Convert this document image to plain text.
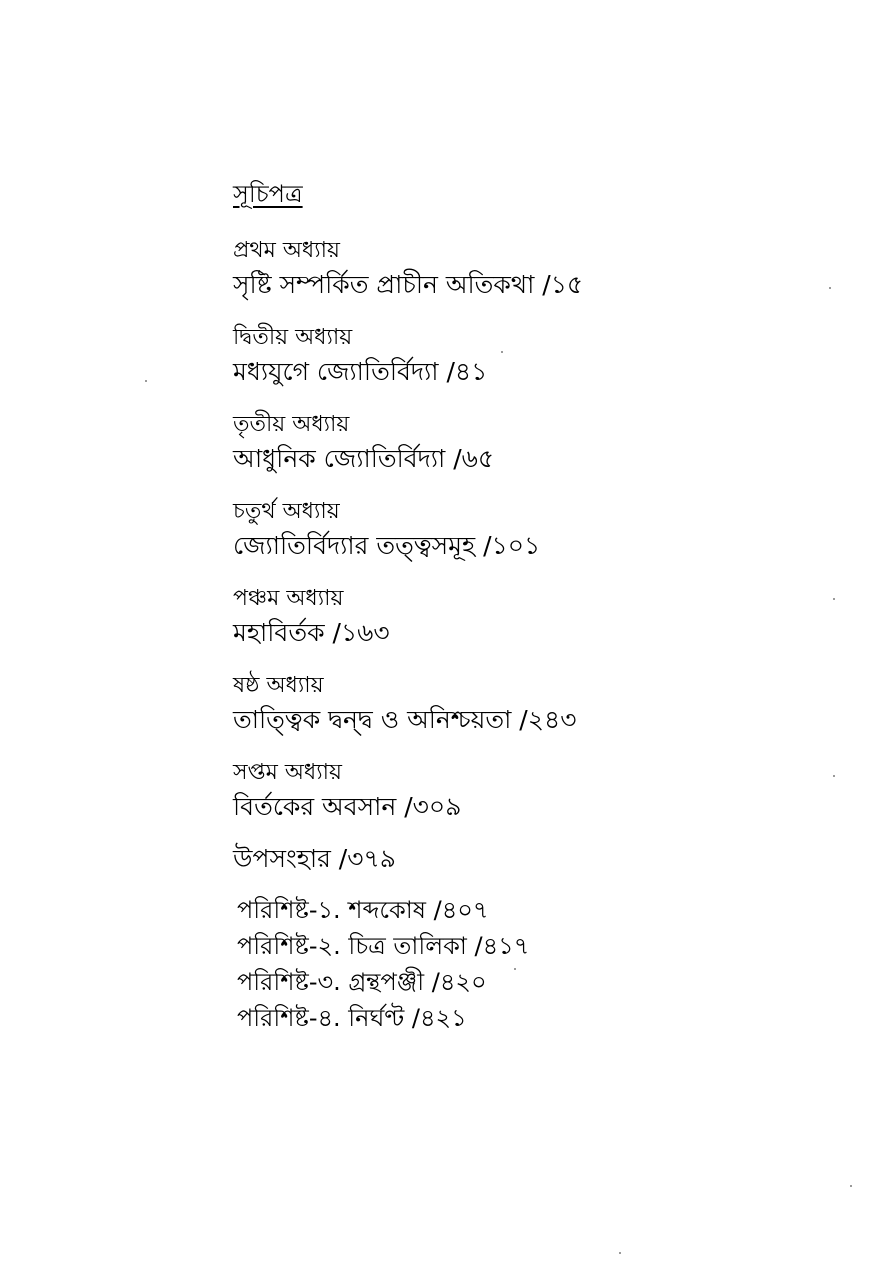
সূচিপত্র
প্রথম অধ্যায়
সৃষ্টি সম্পর্কিত প্রাচীন অতিকথা /১৫
দ্বিতীয় অধ্যায়
মধ্যযুগে জ্যোতির্বিদ্যা /৪১
তৃতীয় অধ্যায়
আধুনিক জ্যোতির্বিদ্যা /৬৫
চতুর্থ অধ্যায়
জ্যোতির্বিদ্যার তত্ত্বসমূহ /১০১
পঞ্চম অধ্যায়
মহাবির্তক /১৬৩
ষষ্ঠ অধ্যায়
তাত্ত্বিক দ্বন্দ্ব ও অনিশ্চয়তা /২৪৩
সপ্তম অধ্যায়
বির্তকের অবসান /৩০৯
উপসংহার /৩৭৯
পরিশিষ্ট-১. শব্দকোষ /৪০৭
পরিশিষ্ট-২. চিত্র তালিকা /৪১৭
পরিশিষ্ট-৩. গ্রন্থপঞ্জী /৪২০
পরিশিষ্ট-৪. নির্ঘণ্ট /৪২১
